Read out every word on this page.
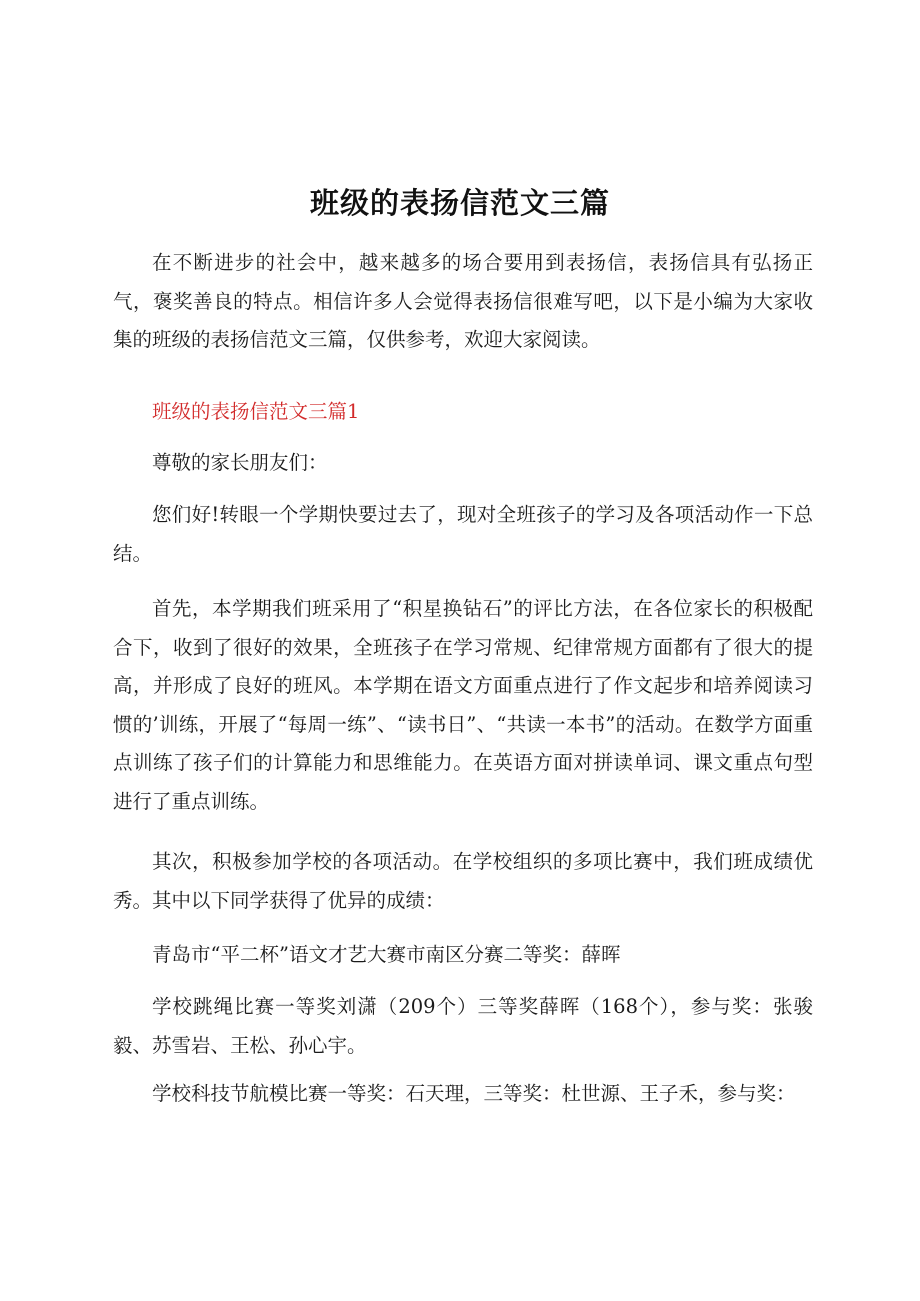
班级的表扬信范文三篇

在不断进步的社会中，越来越多的场合要用到表扬信，表扬信具有弘扬正气，褒奖善良的特点。相信许多人会觉得表扬信很难写吧，以下是小编为大家收集的班级的表扬信范文三篇，仅供参考，欢迎大家阅读。

班级的表扬信范文三篇1

尊敬的家长朋友们：

您们好!转眼一个学期快要过去了，现对全班孩子的学习及各项活动作一下总结。

首先，本学期我们班采用了“积星换钻石”的评比方法，在各位家长的积极配合下，收到了很好的效果，全班孩子在学习常规、纪律常规方面都有了很大的提高，并形成了良好的班风。本学期在语文方面重点进行了作文起步和培养阅读习惯的’训练，开展了“每周一练”、“读书日”、“共读一本书”的活动。在数学方面重点训练了孩子们的计算能力和思维能力。在英语方面对拼读单词、课文重点句型进行了重点训练。

其次，积极参加学校的各项活动。在学校组织的多项比赛中，我们班成绩优秀。其中以下同学获得了优异的成绩：

青岛市“平二杯”语文才艺大赛市南区分赛二等奖：薛晖

学校跳绳比赛一等奖刘潇（209个）三等奖薛晖（168个），参与奖：张骏毅、苏雪岩、王松、孙心宇。

学校科技节航模比赛一等奖：石天理，三等奖：杜世源、王子禾，参与奖：
